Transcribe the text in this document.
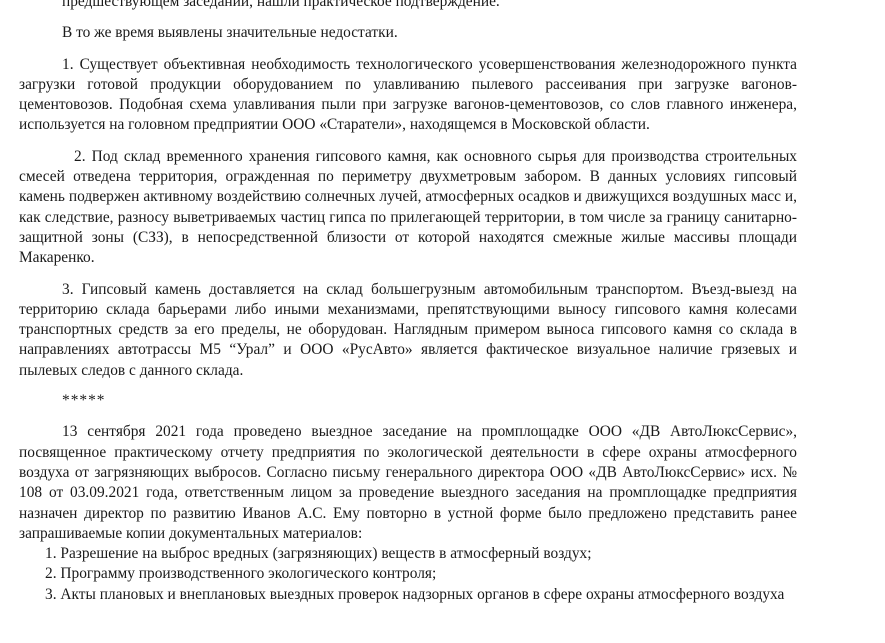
предшествующем заседании, нашли практическое подтверждение.

В то же время выявлены значительные недостатки.

1. Существует объективная необходимость технологического усовершенствования железнодорожного пункта загрузки готовой продукции оборудованием по улавливанию пылевого рассеивания при загрузке вагонов-цементовозов. Подобная схема улавливания пыли при загрузке вагонов-цементовозов, со слов главного инженера, используется на головном предприятии ООО «Старатели», находящемся в Московской области.

2. Под склад временного хранения гипсового камня, как основного сырья для производства строительных смесей отведена территория, огражденная по периметру двухметровым забором. В данных условиях гипсовый камень подвержен активному воздействию солнечных лучей, атмосферных осадков и движущихся воздушных масс и, как следствие, разносу выветриваемых частиц гипса по прилегающей территории, в том числе за границу санитарно-защитной зоны (СЗЗ), в непосредственной близости от которой находятся смежные жилые массивы площади Макаренко.

3. Гипсовый камень доставляется на склад большегрузным автомобильным транспортом. Въезд-выезд на территорию склада барьерами либо иными механизмами, препятствующими выносу гипсового камня колесами транспортных средств за его пределы, не оборудован. Наглядным примером выноса гипсового камня со склада в направлениях автотрассы М5 “Урал” и ООО «РусАвто» является фактическое визуальное наличие грязевых и пылевых следов с данного склада.

*****

13 сентября 2021 года проведено выездное заседание на промплощадке ООО «ДВ АвтоЛюксСервис», посвященное практическому отчету предприятия по экологической деятельности в сфере охраны атмосферного воздуха от загрязняющих выбросов. Согласно письму генерального директора ООО «ДВ АвтоЛюксСервис» исх. № 108 от 03.09.2021 года, ответственным лицом за проведение выездного заседания на промплощадке предприятия назначен директор по развитию Иванов А.С. Ему повторно в устной форме было предложено представить ранее запрашиваемые копии документальных материалов:

1. Разрешение на выброс вредных (загрязняющих) веществ в атмосферный воздух;

2. Программу производственного экологического контроля;

3. Акты плановых и внеплановых выездных проверок надзорных органов в сфере охраны атмосферного воздуха
